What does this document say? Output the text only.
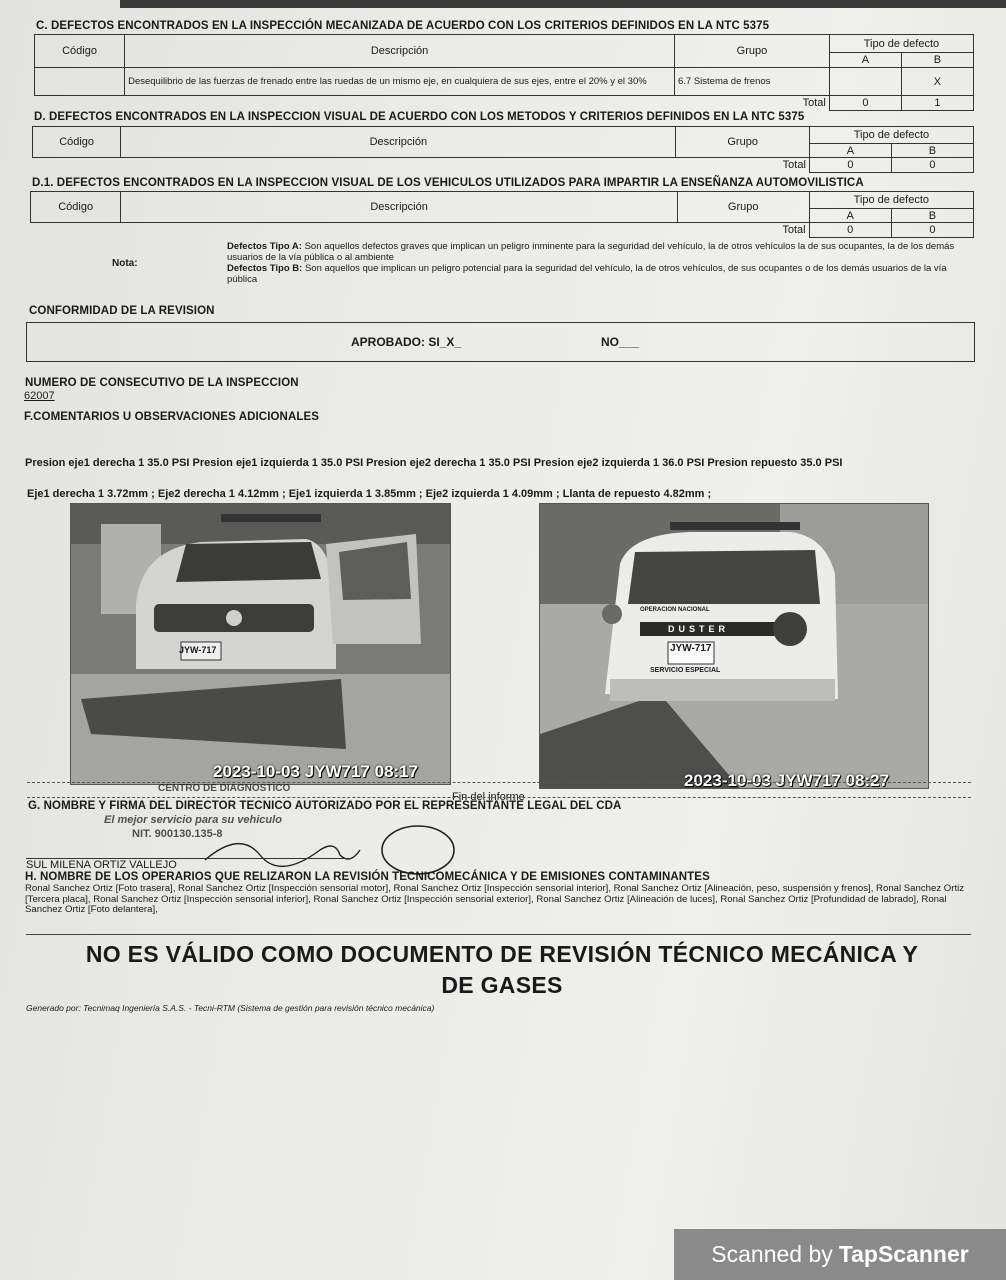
C. DEFECTOS ENCONTRADOS EN LA INSPECCIÓN MECANIZADA DE ACUERDO CON LOS CRITERIOS DEFINIDOS EN LA NTC 5375
Código	Descripción	Grupo	Tipo de defecto	
			A	B
	Desequilibrio de las fuerzas de frenado entre las ruedas de un mismo eje, en cualquiera de sus ejes, entre el 20% y el 30%	6.7 Sistema de frenos		X
Total			0	1
D. DEFECTOS ENCONTRADOS EN LA INSPECCION VISUAL DE ACUERDO CON LOS METODOS Y CRITERIOS DEFINIDOS EN LA NTC 5375
Código	Descripción	Grupo	Tipo de defecto	
			A	B
Total			0	0
D.1. DEFECTOS ENCONTRADOS EN LA INSPECCION VISUAL DE LOS VEHICULOS UTILIZADOS PARA IMPARTIR LA ENSEÑANZA AUTOMOVILISTICA
Código	Descripción	Grupo	Tipo de defecto	
			A	B
Total			0	0
Nota:
Defectos Tipo A: Son aquellos defectos graves que implican un peligro inminente para la seguridad del vehículo, la de otros vehículos la de sus ocupantes, la de los demás usuarios de la vía pública o al ambiente
Defectos Tipo B: Son aquellos que implican un peligro potencial para la seguridad del vehículo, la de otros vehículos, de sus ocupantes o de los demás usuarios de la vía pública
CONFORMIDAD DE LA REVISION
APROBADO: SI_X_	NO___
NUMERO DE CONSECUTIVO DE LA INSPECCION
62007
F.COMENTARIOS U OBSERVACIONES ADICIONALES
Presion eje1 derecha 1 35.0 PSI Presion eje1 izquierda 1 35.0 PSI Presion eje2 derecha 1 35.0 PSI Presion eje2 izquierda 1 36.0 PSI Presion repuesto 35.0 PSI
Eje1 derecha 1 3.72mm ; Eje2 derecha 1 4.12mm ; Eje1 izquierda 1 3.85mm ; Eje2 izquierda 1 4.09mm ; Llanta de repuesto 4.82mm ;
JYW-717
2023-10-03 JYW717 08:17
JYW-717
DUSTER
OPERACION NACIONAL
SERVICIO ESPECIAL
2023-10-03 JYW717 08:27
Fin del informe
G. NOMBRE Y FIRMA DEL DIRECTOR TECNICO AUTORIZADO POR EL REPRESENTANTE LEGAL DEL CDA
CENTRO DE DIAGNOSTICO
El mejor servicio para su vehiculo
NIT. 900130.135-8
SUL MILENA ORTIZ VALLEJO
H. NOMBRE DE LOS OPERARIOS QUE RELIZARON LA REVISIÓN TECNICOMECÁNICA Y DE EMISIONES CONTAMINANTES
Ronal Sanchez Ortiz [Foto trasera], Ronal Sanchez Ortiz [Inspección sensorial motor], Ronal Sanchez Ortiz [Inspección sensorial interior], Ronal Sanchez Ortiz [Alineación, peso, suspensión y frenos], Ronal Sanchez Ortiz [Tercera placa], Ronal Sanchez Ortiz [Inspección sensorial inferior], Ronal Sanchez Ortiz [Inspección sensorial exterior], Ronal Sanchez Ortiz [Alineación de luces], Ronal Sanchez Ortiz [Profundidad de labrado], Ronal Sanchez Ortiz [Foto delantera],
NO ES VÁLIDO COMO DOCUMENTO DE REVISIÓN TÉCNICO MECÁNICA Y
DE GASES
Generado por: Tecnimaq Ingeniería S.A.S. - Tecni-RTM (Sistema de gestión para revisión técnico mecánica)
Scanned by TapScanner
